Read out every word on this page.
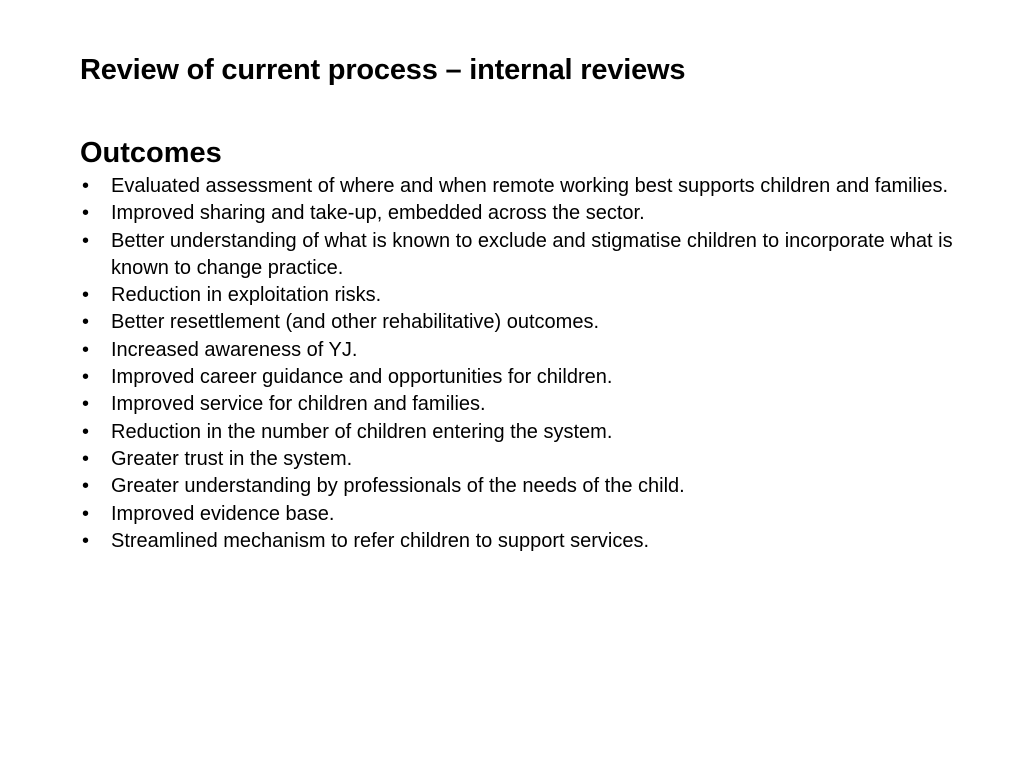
Review of current process – internal reviews
Outcomes
• Evaluated assessment of where and when remote working best supports children and families.
• Improved sharing and take-up, embedded across the sector.
• Better understanding of what is known to exclude and stigmatise children to incorporate what is known to change practice.
• Reduction in exploitation risks.
• Better resettlement (and other rehabilitative) outcomes.
• Increased awareness of YJ.
• Improved career guidance and opportunities for children.
• Improved service for children and families.
• Reduction in the number of children entering the system.
• Greater trust in the system.
• Greater understanding by professionals of the needs of the child.
• Improved evidence base.
• Streamlined mechanism to refer children to support services.
